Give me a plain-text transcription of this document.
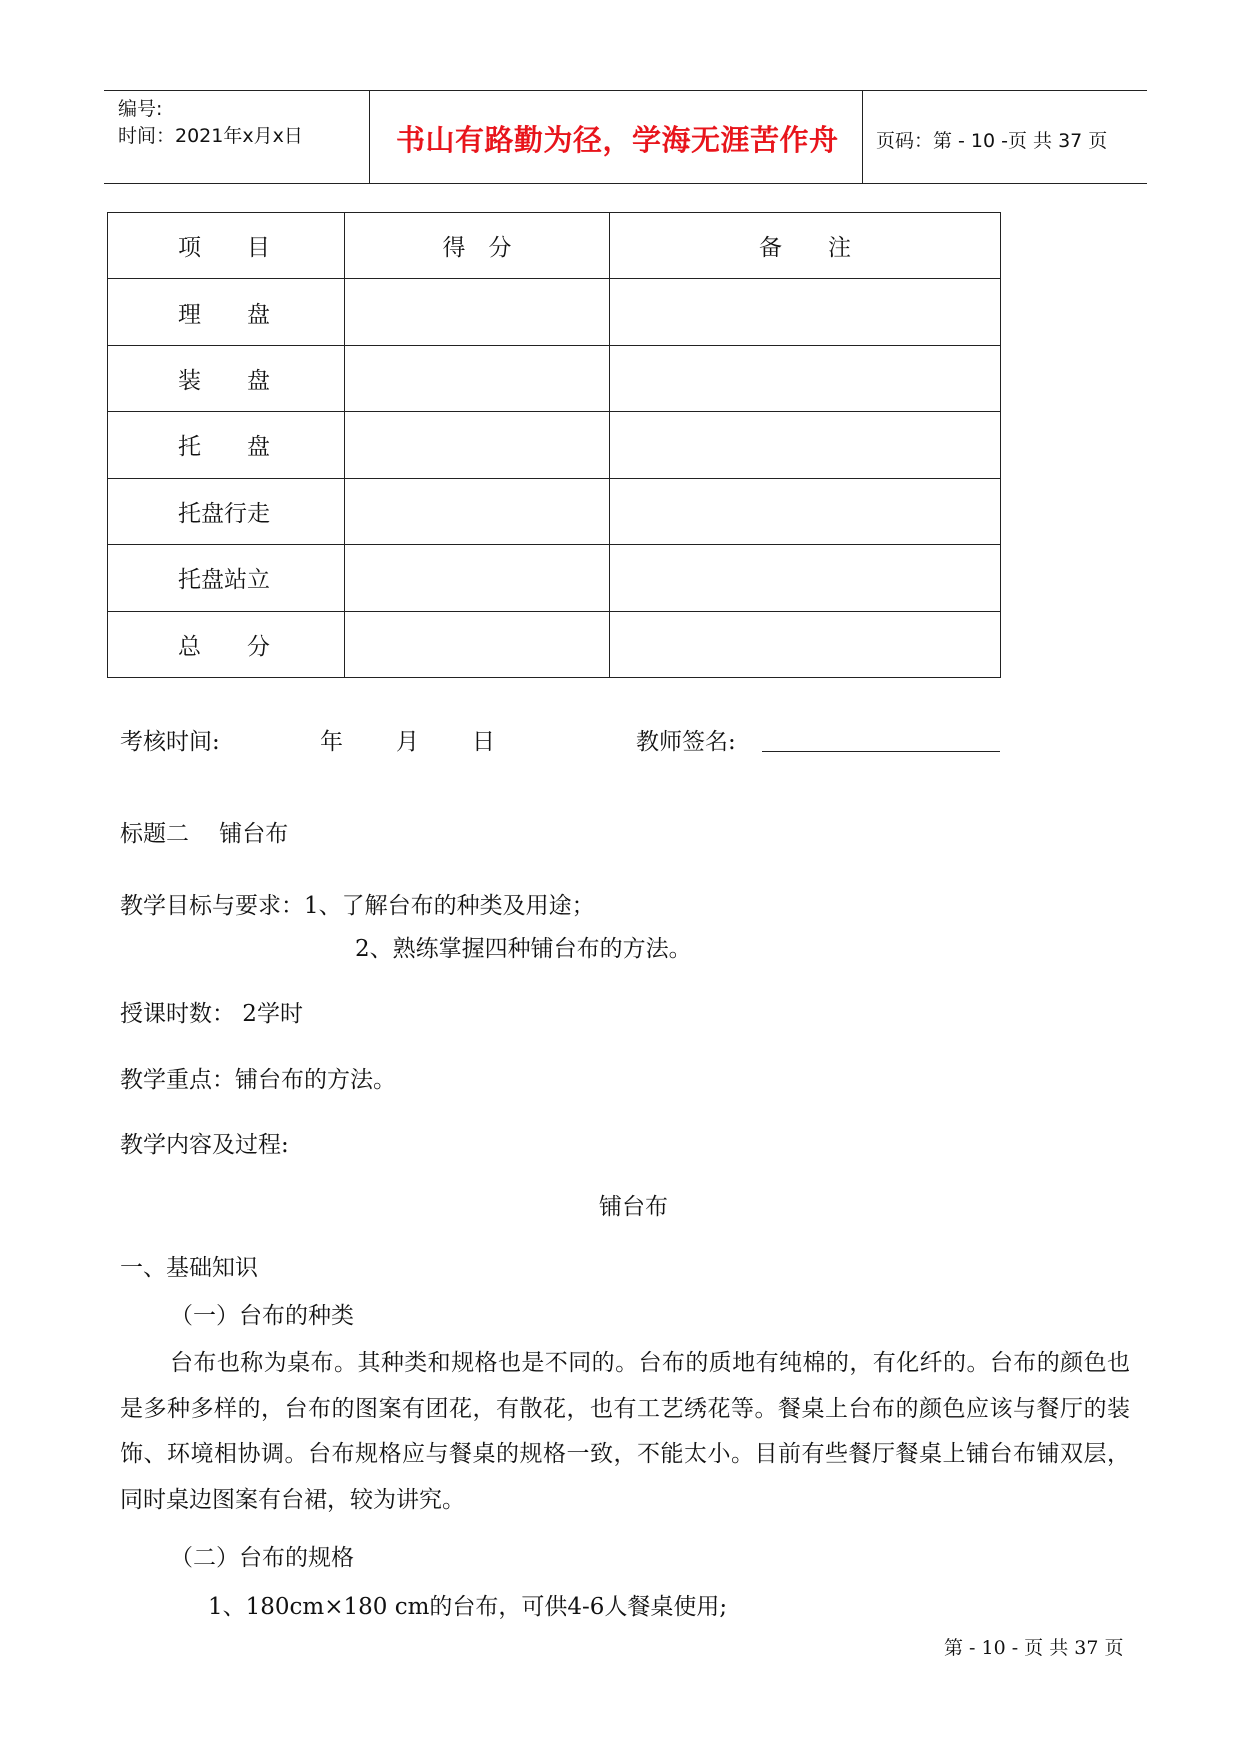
编号:
时间：2021年x月x日	书山有路勤为径，学海无涯苦作舟 页码：第 - 10 -页 共 37 页
项　　目	得　分	备　　注
理　　盘		
装　　盘		
托　　盘		
托盘行走		
托盘站立		
总　　分		
考核时间:	年 月 日	教师签名:
标题二　 铺台布
教学目标与要求：1、了解台布的种类及用途；
2、熟练掌握四种铺台布的方法。
授课时数： 2学时
教学重点：铺台布的方法。
教学内容及过程:
铺台布
（一）台布的种类
一、基础知识
台布也称为桌布。其种类和规格也是不同的。台布的质地有纯棉的，有化纤的。台布的颜色也是多种多样的，台布的图案有团花，有散花，也有工艺绣花等。餐桌上台布的颜色应该与餐厅的装饰、环境相协调。台布规格应与餐桌的规格一致，不能太小。目前有些餐厅餐桌上铺台布铺双层，同时桌边图案有台裙，较为讲究。
（二）台布的规格
1、180cm×180 cm的台布，可供4-6人餐桌使用;
第 - 10 - 页 共 37 页
